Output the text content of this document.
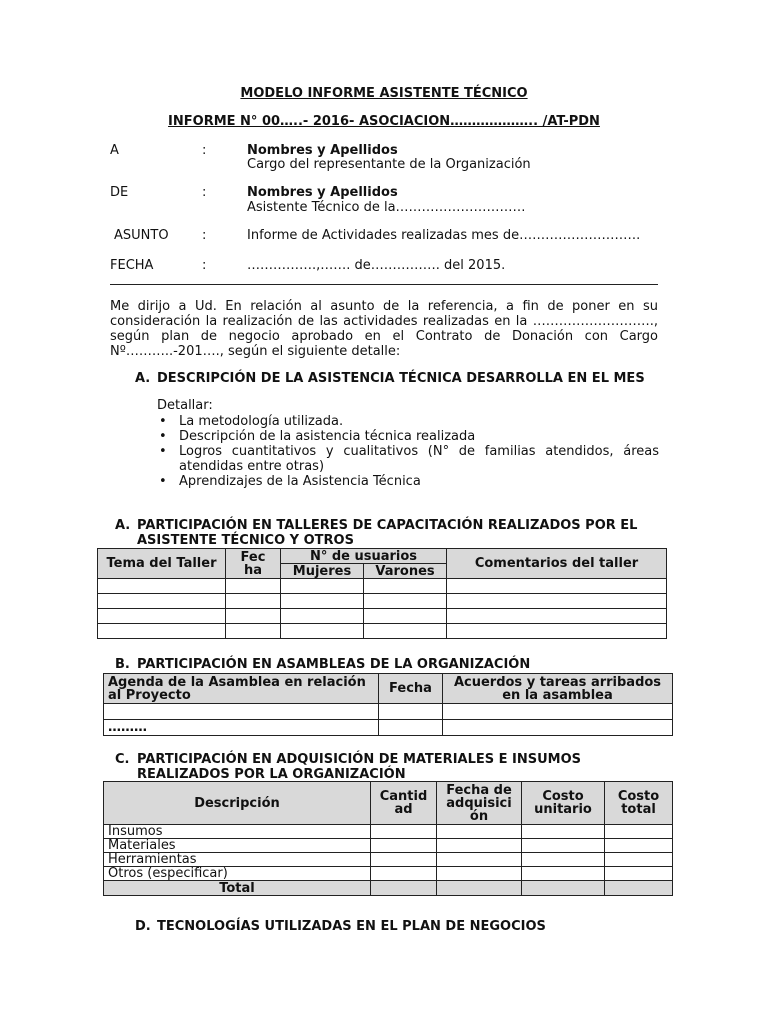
MODELO INFORME ASISTENTE TÉCNICO
INFORME N° 00…..- 2016- ASOCIACION……………….. /AT-PDN
A	:	Nombres y Apellidos
Cargo del representante de la Organización
DE	:	Nombres y Apellidos
Asistente Técnico de la…………………………
ASUNTO	:	Informe de Actividades realizadas mes de……………………….
FECHA	:	…………….,……. de……………. del 2015.
Me dirijo a Ud. En relación al asunto de la referencia, a fin de poner en su consideración la realización de las actividades realizadas en la ………………………., según plan de negocio aprobado en el Contrato de Donación con Cargo Nº………..-201…., según el siguiente detalle:
A. DESCRIPCIÓN DE LA ASISTENCIA TÉCNICA DESARROLLA EN EL MES
Detallar:
• La metodología utilizada.
• Descripción de la asistencia técnica realizada
• Logros cuantitativos y cualitativos (N° de familias atendidos, áreas atendidas entre otras)
• Aprendizajes de la Asistencia Técnica
A. PARTICIPACIÓN EN TALLERES DE CAPACITACIÓN REALIZADOS POR EL
ASISTENTE TÉCNICO Y OTROS
Tema del Taller	Fec ha	N° de usuarios		Comentarios del taller
		Mujeres	Varones	

B. PARTICIPACIÓN EN ASAMBLEAS DE LA ORGANIZACIÓN
Agenda de la Asamblea en relación al Proyecto	Fecha	Acuerdos y tareas arribados en la asamblea

………		
C. PARTICIPACIÓN EN ADQUISICIÓN DE MATERIALES E INSUMOS
REALIZADOS POR LA ORGANIZACIÓN
Descripción	Cantid ad	Fecha de adquisici ón	Costo unitario	Costo total
Insumos				
Materiales				
Herramientas				
Otros (especificar)				
Total				
D. TECNOLOGÍAS UTILIZADAS EN EL PLAN DE NEGOCIOS
